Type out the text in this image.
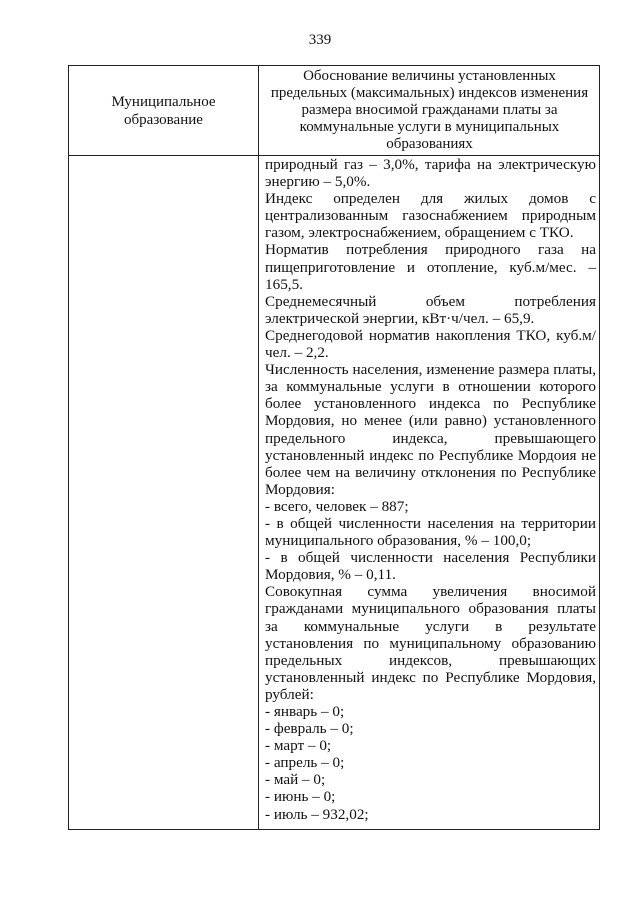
339
Муниципальное образование
Обоснование величины установленных предельных (максимальных) индексов изменения размера вносимой гражданами платы за коммунальные услуги в муниципальных образованиях

природный газ – 3,0%, тарифа на электрическую энергию – 5,0%.

Индекс определен для жилых домов с централизованным газоснабжением природным газом, электроснабжением, обращением с ТКО.

Норматив потребления природного газа на пищеприготовление и отопление, куб.м/мес. – 165,5.

Среднемесячный объем потребления электрической энергии, кВт·ч/чел. – 65,9.

Среднегодовой норматив накопления ТКО, куб.м/чел. – 2,2.

Численность населения, изменение размера платы, за коммунальные услуги в отношении которого более установленного индекса по Республике Мордовия, но менее (или равно) установленного предельного индекса, превышающего установленный индекс по Республике Мордоия не более чем на величину отклонения по Республике Мордовия:

- всего, человек – 887;

- в общей численности населения на территории муниципального образования, % – 100,0;

- в общей численности населения Республики Мордовия, % – 0,11.

Совокупная сумма увеличения вносимой гражданами муниципального образования платы за коммунальные услуги в результате установления по муниципальному образованию предельных индексов, превышающих установленный индекс по Республике Мордовия, рублей:

- январь – 0;

- февраль – 0;

- март – 0;

- апрель – 0;

- май – 0;

- июнь – 0;

- июль – 932,02;
